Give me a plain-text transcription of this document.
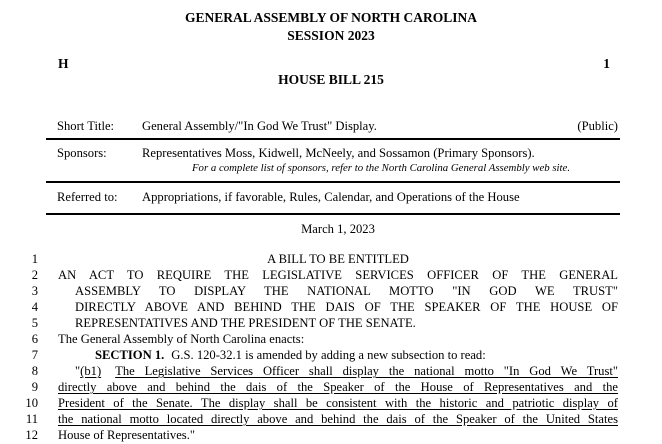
GENERAL ASSEMBLY OF NORTH CAROLINA
SESSION 2023
H	1
HOUSE BILL 215
Short Title:	General Assembly/"In God We Trust" Display.	(Public)
Sponsors:	Representatives Moss, Kidwell, McNeely, and Sossamon (Primary Sponsors).
For a complete list of sponsors, refer to the North Carolina General Assembly web site.
Referred to:	Appropriations, if favorable, Rules, Calendar, and Operations of the House
March 1, 2023
1	A BILL TO BE ENTITLED
2 AN ACT TO REQUIRE THE LEGISLATIVE SERVICES OFFICER OF THE GENERAL
3	ASSEMBLY TO DISPLAY THE NATIONAL MOTTO "IN GOD WE TRUST"
4	DIRECTLY ABOVE AND BEHIND THE DAIS OF THE SPEAKER OF THE HOUSE OF
5	REPRESENTATIVES AND THE PRESIDENT OF THE SENATE.
6 The General Assembly of North Carolina enacts:
7	SECTION 1. G.S. 120-32.1 is amended by adding a new subsection to read:
8	"(b1) The Legislative Services Officer shall display the national motto "In God We Trust"
9 directly above and behind the dais of the Speaker of the House of Representatives and the
10 President of the Senate. The display shall be consistent with the historic and patriotic display of
11 the national motto located directly above and behind the dais of the Speaker of the United States
12 House of Representatives."
